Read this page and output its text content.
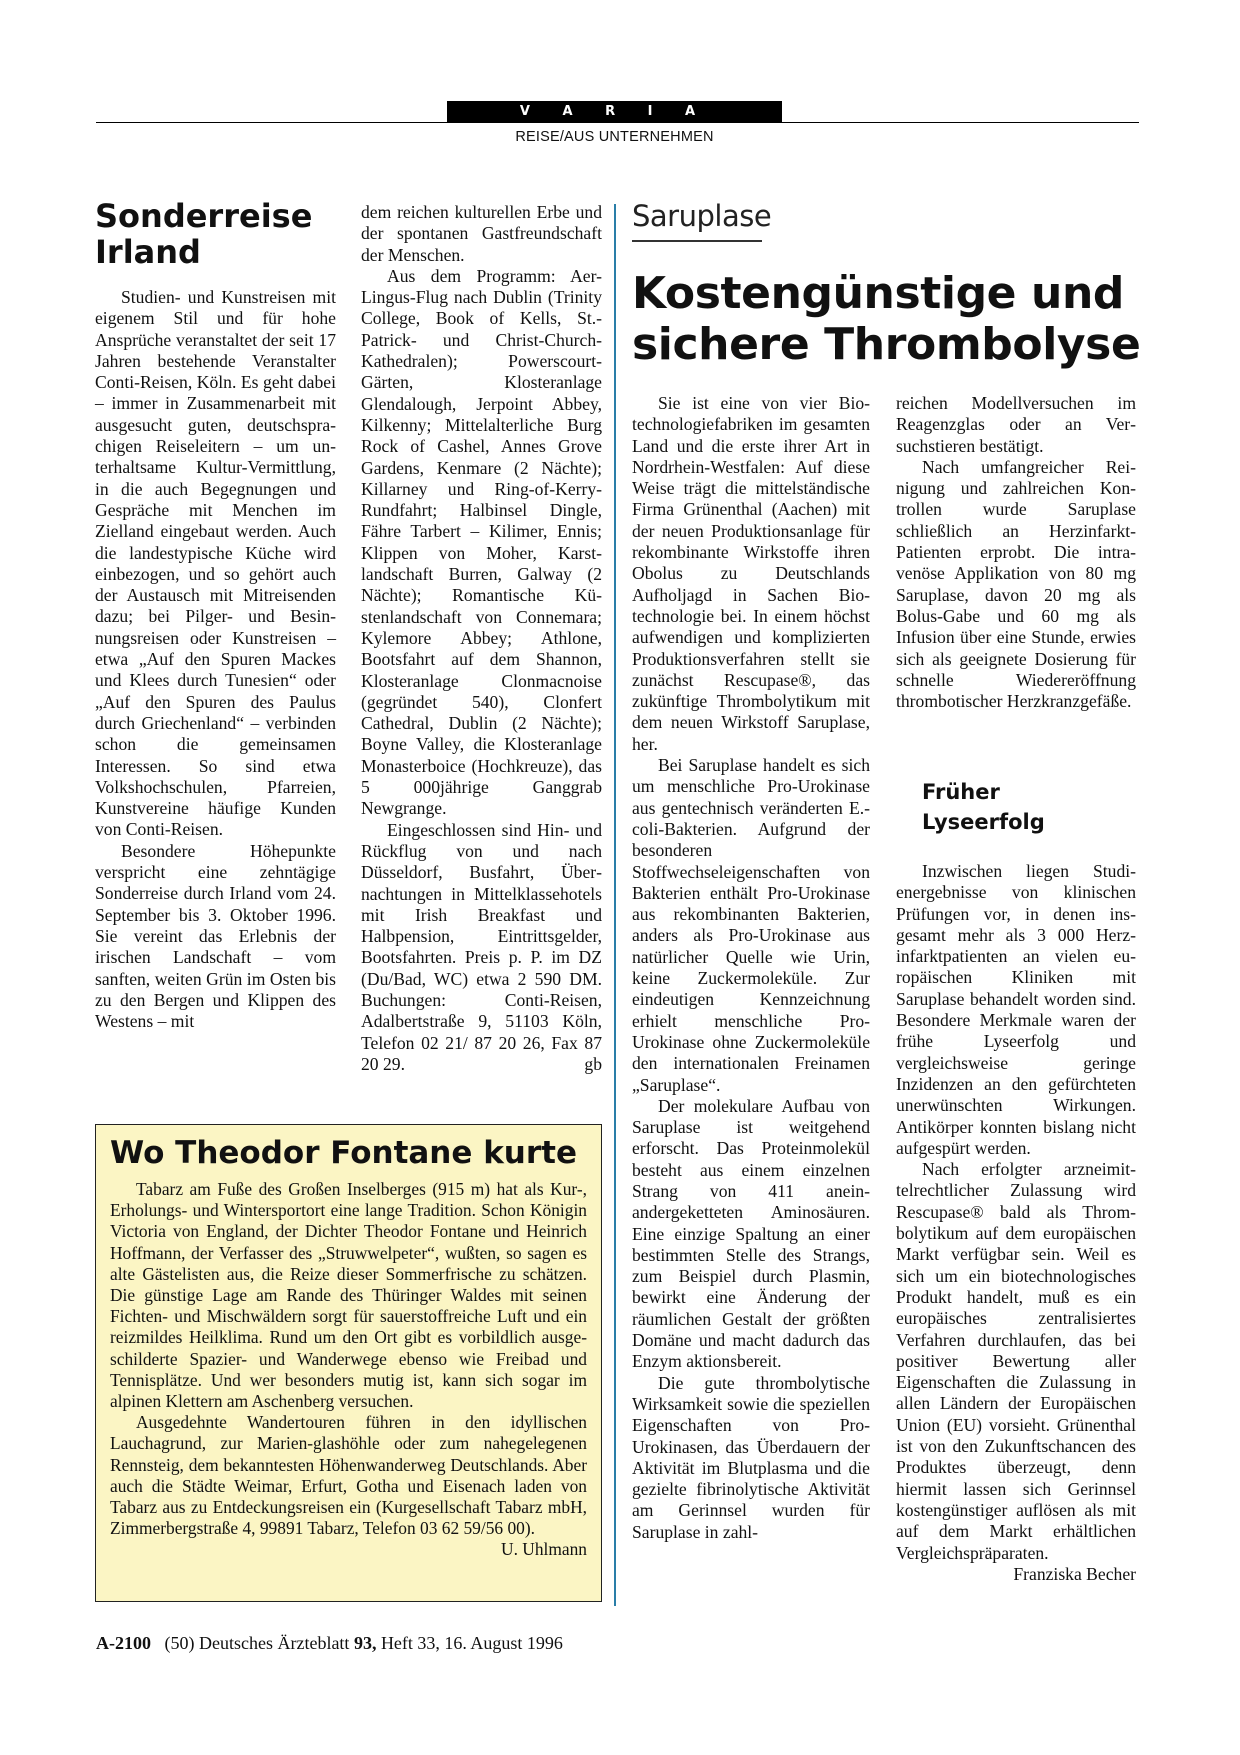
V A R I A
REISE/AUS UNTERNEHMEN
Sonderreise Irland

Studien- und Kunstreisen mit eigenem Stil und für hohe Ansprüche veranstaltet der seit 17 Jahren bestehende Veranstalter Conti-Reisen, Köln. Es geht dabei – immer in Zusammenarbeit mit ausgesucht guten, deutschsprachigen Reiseleitern – um unterhaltsame Kultur-Vermittlung, in die auch Begegnungen und Gespräche mit Menchen im Zielland eingebaut werden. Auch die landestypische Küche wird einbezogen, und so gehört auch der Austausch mit Mitreisenden dazu; bei Pilger- und Besinnungsreisen oder Kunstreisen – etwa „Auf den Spuren Mackes und Klees durch Tunesien“ oder „Auf den Spuren des Paulus durch Griechenland“ – verbinden schon die gemeinsamen Interessen. So sind etwa Volkshochschulen, Pfarreien, Kunstvereine häufige Kunden von Conti-Reisen.

Besondere Höhepunkte verspricht eine zehntägige Sonderreise durch Irland vom 24. September bis 3. Oktober 1996. Sie vereint das Erlebnis der irischen Landschaft – vom sanften, weiten Grün im Osten bis zu den Bergen und Klippen des Westens – mit

dem reichen kulturellen Erbe und der spontanen Gastfreundschaft der Menschen.

Aus dem Programm: Aer-Lingus-Flug nach Dublin (Trinity College, Book of Kells, St.-Patrick- und Christ-Church-Kathedralen); Powerscourt-Gärten, Klosteranlage Glendalough, Jerpoint Abbey, Kilkenny; Mittelalterliche Burg Rock of Cashel, Annes Grove Gardens, Kenmare (2 Nächte); Killarney und Ring-of-Kerry-Rundfahrt; Halbinsel Dingle, Fähre Tarbert – Kilimer, Ennis; Klippen von Moher, Karstlandschaft Burren, Galway (2 Nächte); Romantische Küstenlandschaft von Connemara; Kylemore Abbey; Athlone, Bootsfahrt auf dem Shannon, Klosteranlage Clonmacnoise (gegründet 540), Clonfert Cathedral, Dublin (2 Nächte); Boyne Valley, die Klosteranlage Monasterboice (Hochkreuze), das 5 000jährige Ganggrab Newgrange.

Eingeschlossen sind Hin- und Rückflug von und nach Düsseldorf, Busfahrt, Übernachtungen in Mittelklassehotels mit Irish Breakfast und Halbpension, Eintrittsgelder, Bootsfahrten. Preis p. P. im DZ (Du/Bad, WC) etwa 2 590 DM. Buchungen: Conti-Reisen, Adalbertstraße 9, 51103 Köln, Telefon 02 21/ 87 20 26, Fax 87 20 29.	gb

Wo Theodor Fontane kurte

Tabarz am Fuße des Großen Inselberges (915 m) hat als Kur-, Erholungs- und Wintersportort eine lange Tradition. Schon Königin Victoria von England, der Dichter Theodor Fontane und Heinrich Hoffmann, der Verfasser des „Struwwelpeter“, wußten, so sagen es alte Gästelisten aus, die Reize dieser Sommerfrische zu schätzen. Die günstige Lage am Rande des Thüringer Waldes mit seinen Fichten- und Mischwäldern sorgt für sauerstoffreiche Luft und ein reizmildes Heilklima. Rund um den Ort gibt es vorbildlich ausgeschilderte Spazier- und Wanderwege ebenso wie Freibad und Tennisplätze. Und wer besonders mutig ist, kann sich sogar im alpinen Klettern am Aschenberg versuchen.

Ausgedehnte Wandertouren führen in den idyllischen Lauchagrund, zur Marien-glashöhle oder zum nahegelegenen Rennsteig, dem bekanntesten Höhenwanderweg Deutschlands. Aber auch die Städte Weimar, Erfurt, Gotha und Eisenach laden von Tabarz aus zu Entdeckungsreisen ein (Kurgesellschaft Tabarz mbH, Zimmerbergstraße 4, 99891 Tabarz, Telefon 03 62 59/56 00).
U. Uhlmann

Saruplase
Kostengünstige und sichere Thrombolyse

Sie ist eine von vier Biotechnologiefabriken im gesamten Land und die erste ihrer Art in Nordrhein-Westfalen: Auf diese Weise trägt die mittelständische Firma Grünenthal (Aachen) mit der neuen Produktionsanlage für rekombinante Wirkstoffe ihren Obolus zu Deutschlands Aufholjagd in Sachen Biotechnologie bei. In einem höchst aufwendigen und komplizierten Produktionsverfahren stellt sie zunächst Rescupase®, das zukünftige Thrombolytikum mit dem neuen Wirkstoff Saruplase, her.

Bei Saruplase handelt es sich um menschliche Pro-Urokinase aus gentechnisch veränderten E.-coli-Bakterien. Aufgrund der besonderen Stoffwechseleigenschaften von Bakterien enthält Pro-Urokinase aus rekombinanten Bakterien, anders als Pro-Urokinase aus natürlicher Quelle wie Urin, keine Zuckermoleküle. Zur eindeutigen Kennzeichnung erhielt menschliche Pro-Urokinase ohne Zuckermoleküle den internationalen Freinamen „Saruplase“.

Der molekulare Aufbau von Saruplase ist weitgehend erforscht. Das Proteinmolekül besteht aus einem einzelnen Strang von 411 aneinandergeketteten Aminosäuren. Eine einzige Spaltung an einer bestimmten Stelle des Strangs, zum Beispiel durch Plasmin, bewirkt eine Änderung der räumlichen Gestalt der größten Domäne und macht dadurch das Enzym aktionsbereit.

Die gute thrombolytische Wirksamkeit sowie die speziellen Eigenschaften von Pro-Urokinasen, das Überdauern der Aktivität im Blutplasma und die gezielte fibrinolytische Aktivität am Gerinnsel wurden für Saruplase in zahl-

reichen Modellversuchen im Reagenzglas oder an Versuchstieren bestätigt.

Nach umfangreicher Reinigung und zahlreichen Kontrollen wurde Saruplase schließlich an Herzinfarkt-Patienten erprobt. Die intravenöse Applikation von 80 mg Saruplase, davon 20 mg als Bolus-Gabe und 60 mg als Infusion über eine Stunde, erwies sich als geeignete Dosierung für schnelle Wiedereröffnung thrombotischer Herzkranzgefäße.

Früher Lyseerfolg

Inzwischen liegen Studienergebnisse von klinischen Prüfungen vor, in denen insgesamt mehr als 3 000 Herzinfarktpatienten an vielen europäischen Kliniken mit Saruplase behandelt worden sind. Besondere Merkmale waren der frühe Lyseerfolg und vergleichsweise geringe Inzidenzen an den gefürchteten unerwünschten Wirkungen. Antikörper konnten bislang nicht aufgespürt werden.

Nach erfolgter arzneimittelrechtlicher Zulassung wird Rescupase® bald als Thrombolytikum auf dem europäischen Markt verfügbar sein. Weil es sich um ein biotechnologisches Produkt handelt, muß es ein europäisches zentralisiertes Verfahren durchlaufen, das bei positiver Bewertung aller Eigenschaften die Zulassung in allen Ländern der Europäischen Union (EU) vorsieht. Grünenthal ist von den Zukunftschancen des Produktes überzeugt, denn hiermit lassen sich Gerinnsel kostengünstiger auflösen als mit auf dem Markt erhältlichen Vergleichspräparaten.
Franziska Becher

A-2100 (50) Deutsches Ärzteblatt 93, Heft 33, 16. August 1996
